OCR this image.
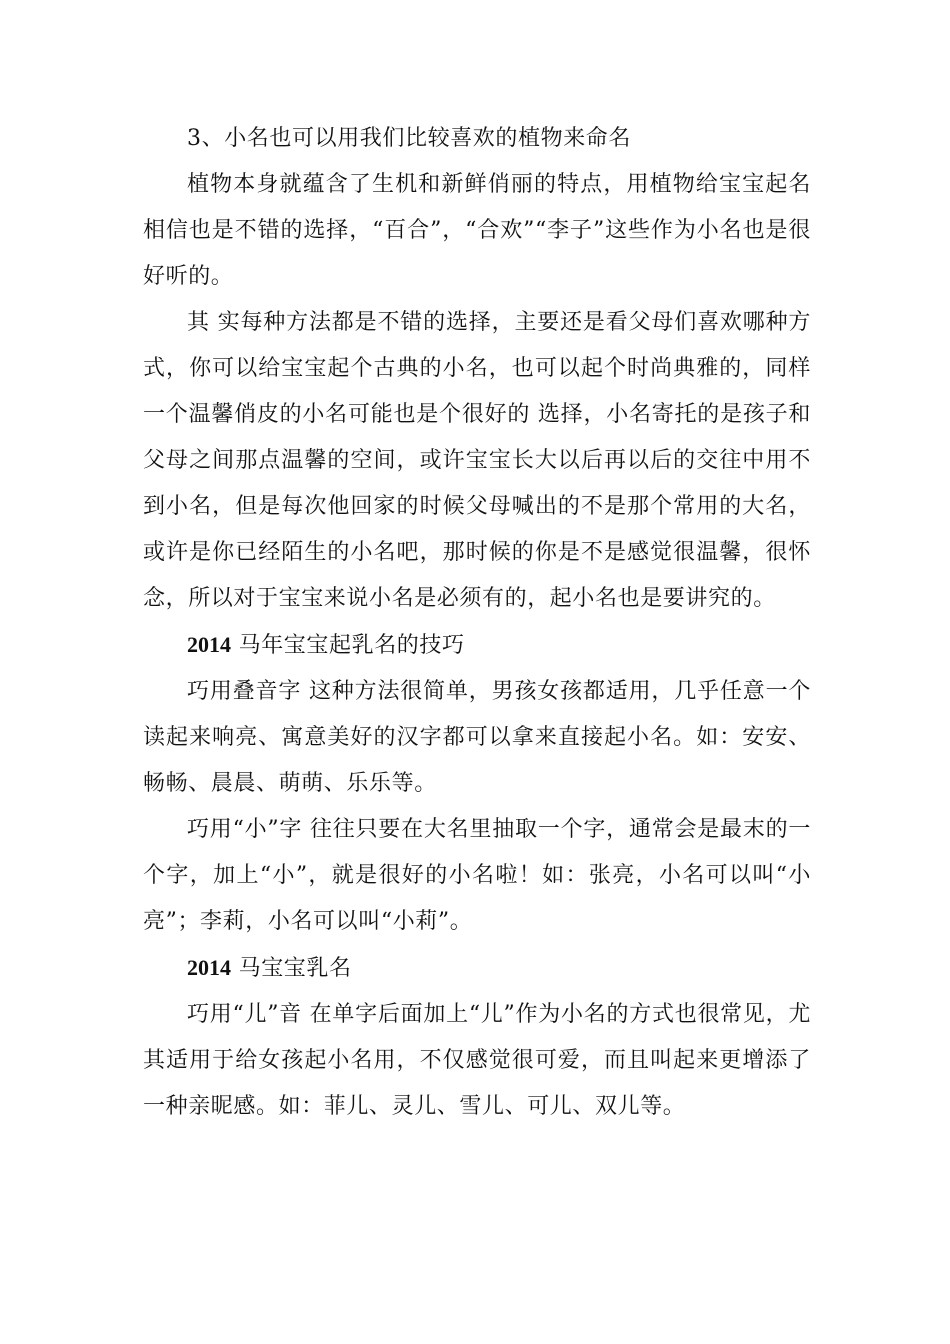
3、小名也可以用我们比较喜欢的植物来命名

植物本身就蕴含了生机和新鲜俏丽的特点，用植物给宝宝起名相信也是不错的选择，“百合”，“合欢”“李子”这些作为小名也是很好听的。

其 实每种方法都是不错的选择，主要还是看父母们喜欢哪种方式，你可以给宝宝起个古典的小名，也可以起个时尚典雅的，同样一个温馨俏皮的小名可能也是个很好的 选择，小名寄托的是孩子和父母之间那点温馨的空间，或许宝宝长大以后再以后的交往中用不到小名，但是每次他回家的时候父母喊出的不是那个常用的大名，或许是你已经陌生的小名吧，那时候的你是不是感觉很温馨，很怀念，所以对于宝宝来说小名是必须有的，起小名也是要讲究的。

2014 马年宝宝起乳名的技巧

巧用叠音字 这种方法很简单，男孩女孩都适用，几乎任意一个读起来响亮、寓意美好的汉字都可以拿来直接起小名。如：安安、畅畅、晨晨、萌萌、乐乐等。

巧用“小”字 往往只要在大名里抽取一个字，通常会是最末的一个字，加上“小”，就是很好的小名啦！如：张亮，小名可以叫“小亮”；李莉，小名可以叫“小莉”。

2014 马宝宝乳名

巧用“儿”音 在单字后面加上“儿”作为小名的方式也很常见，尤其适用于给女孩起小名用，不仅感觉很可爱，而且叫起来更增添了一种亲昵感。如：菲儿、灵儿、雪儿、可儿、双儿等。
